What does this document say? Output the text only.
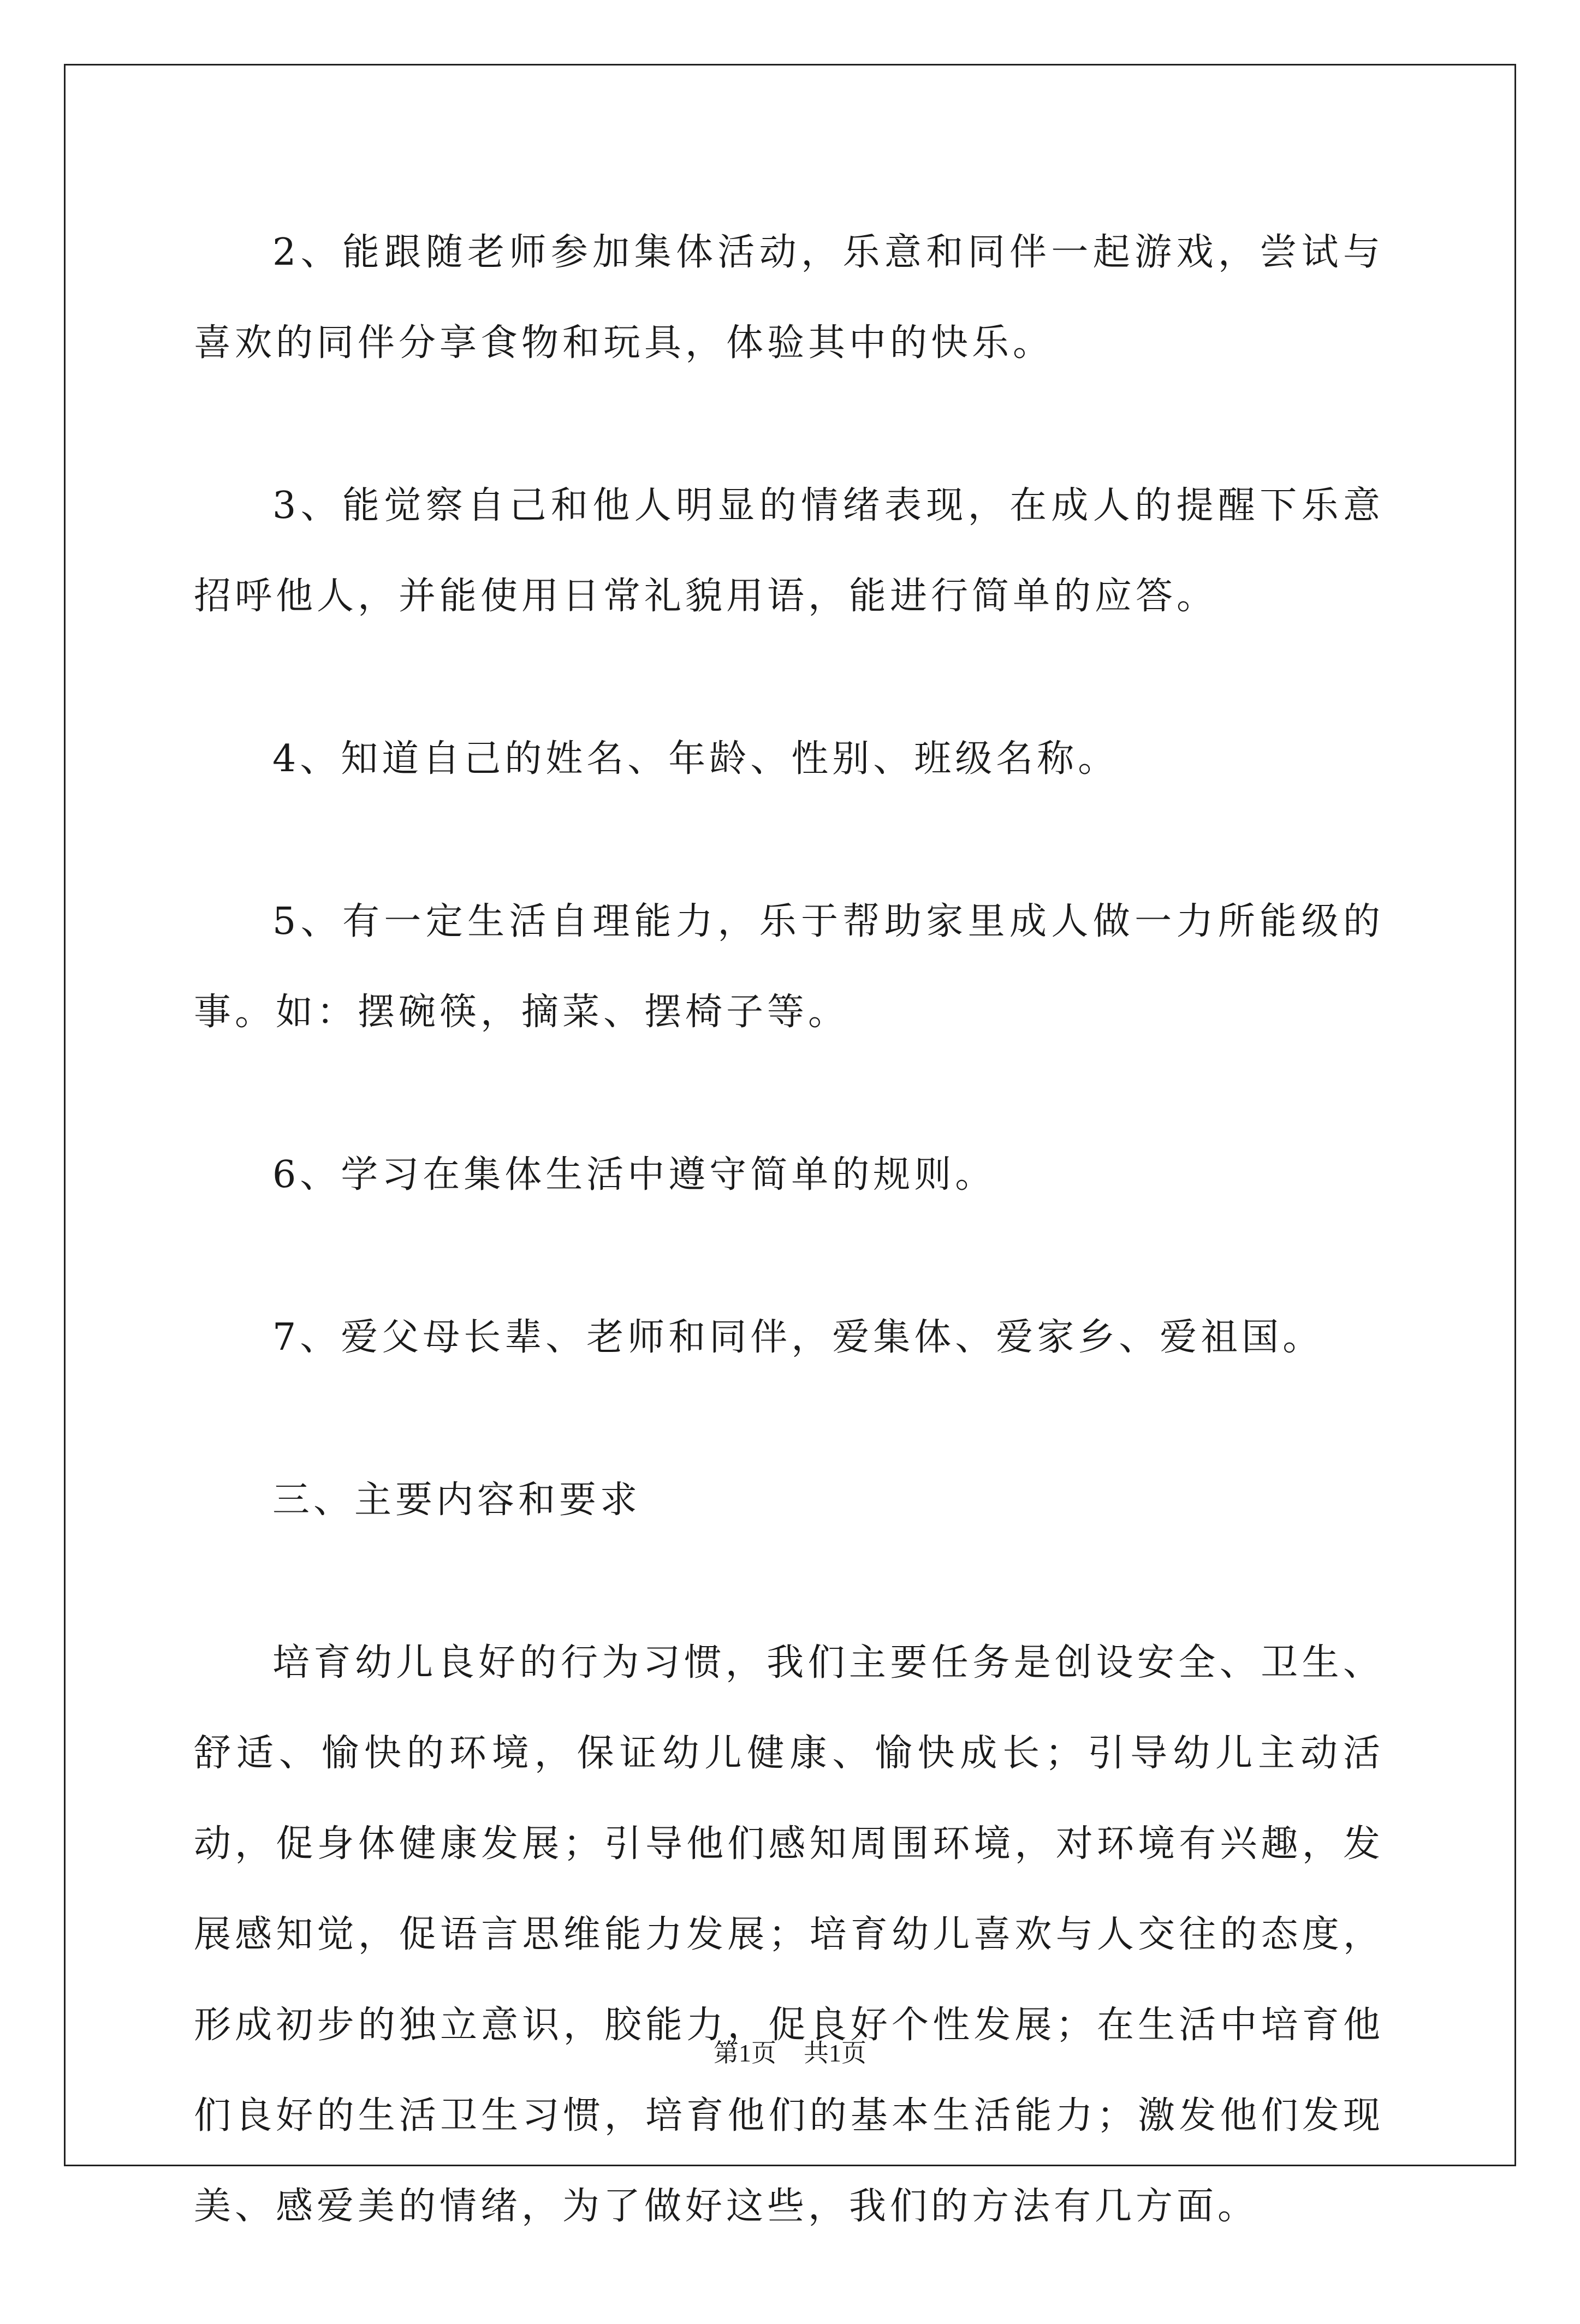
2、能跟随老师参加集体活动，乐意和同伴一起游戏，尝试与喜欢的同伴分享食物和玩具，体验其中的快乐。

3、能觉察自己和他人明显的情绪表现，在成人的提醒下乐意招呼他人，并能使用日常礼貌用语，能进行简单的应答。

4、知道自己的姓名、年龄、性别、班级名称。

5、有一定生活自理能力，乐于帮助家里成人做一力所能级的事。如：摆碗筷，摘菜、摆椅子等。

6、学习在集体生活中遵守简单的规则。

7、爱父母长辈、老师和同伴，爱集体、爱家乡、爱祖国。

三、主要内容和要求

培育幼儿良好的行为习惯，我们主要任务是创设安全、卫生、舒适、愉快的环境，保证幼儿健康、愉快成长；引导幼儿主动活动，促身体健康发展；引导他们感知周围环境，对环境有兴趣，发展感知觉，促语言思维能力发展；培育幼儿喜欢与人交往的态度，形成初步的独立意识，胶能力，促良好个性发展；在生活中培育他们良好的生活卫生习惯，培育他们的基本生活能力；激发他们发现美、感爱美的情绪，为了做好这些，我们的方法有几方面。

第1页 共1页
